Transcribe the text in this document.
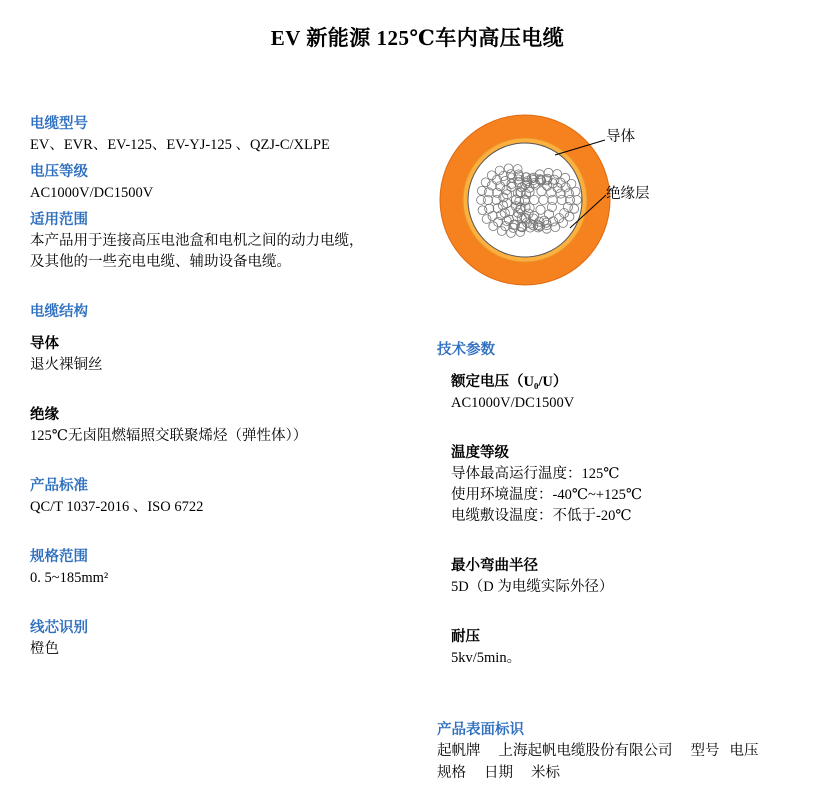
EV 新能源 125℃车内高压电缆
电缆型号
EV、EVR、EV-125、EV-YJ-125 、QZJ-C/XLPE
电压等级
AC1000V/DC1500V
适用范围
本产品用于连接高压电池盒和电机之间的动力电缆，
及其他的一些充电电缆、辅助设备电缆。
电缆结构
导体
退火裸铜丝
绝缘
125℃无卤阻燃辐照交联聚烯烃（弹性体））
产品标准
QC/T 1037-2016 、ISO 6722
规格范围
0. 5~185mm²
线芯识别
橙色
导体
绝缘层
技术参数
额定电压（U₀/U）
AC1000V/DC1500V
温度等级
导体最高运行温度：125℃
使用环境温度：-40℃~+125℃
电缆敷设温度：不低于-20℃
最小弯曲半径
5D（D 为电缆实际外径）
耐压
5kv/5min。
产品表面标识
起帆牌 上海起帆电缆股份有限公司 型号 电压
规格 日期 米标
